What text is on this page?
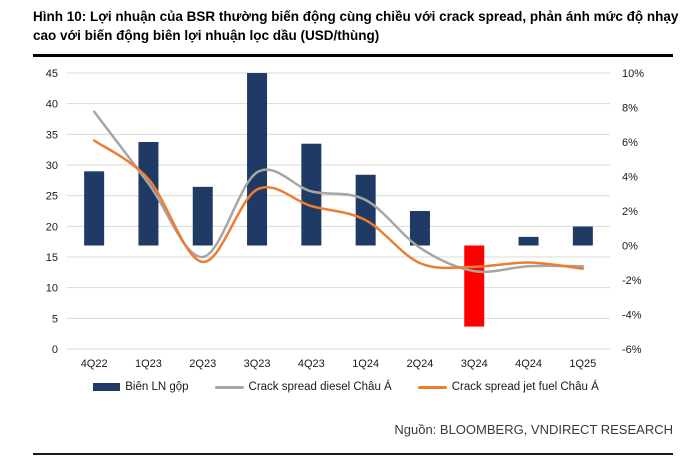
Hình 10: Lợi nhuận của BSR thường biến động cùng chiều với crack spread, phản ánh mức độ nhạy cao với biến động biên lợi nhuận lọc dầu (USD/thùng)
45
40
35
30
25
20
15
10
5
0
10%
8%
6%
4%
2%
0%
-2%
-4%
-6%
4Q22 1Q23 2Q23 3Q23 4Q23 1Q24 2Q24 3Q24 4Q24 1Q25
Biên LN gộp	Crack spread diesel Châu Á	Crack spread jet fuel Châu Á
Nguồn: BLOOMBERG, VNDIRECT RESEARCH
